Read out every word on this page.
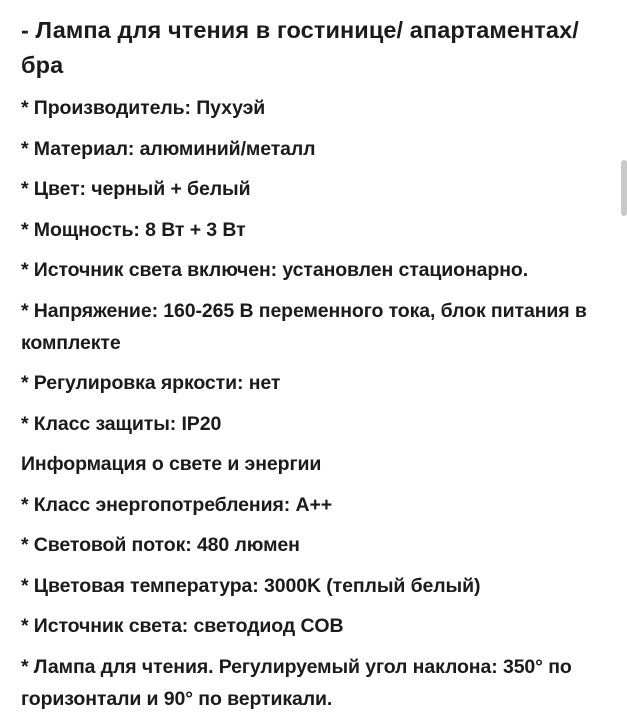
- Лампа для чтения в гостинице/ апартаментах/бра
* Производитель: Пухуэй
* Материал: алюминий/металл
* Цвет: черный + белый
* Мощность: 8 Вт + 3 Вт
* Источник света включен: установлен стационарно.
* Напряжение: 160-265 В переменного тока, блок питания в комплекте
* Регулировка яркости: нет
* Класс защиты: IP20
Информация о свете и энергии
* Класс энергопотребления: A++
* Световой поток: 480 люмен
* Цветовая температура: 3000K (теплый белый)
* Источник света: светодиод COB
* Лампа для чтения. Регулируемый угол наклона: 350° по горизонтали и 90° по вертикали.
